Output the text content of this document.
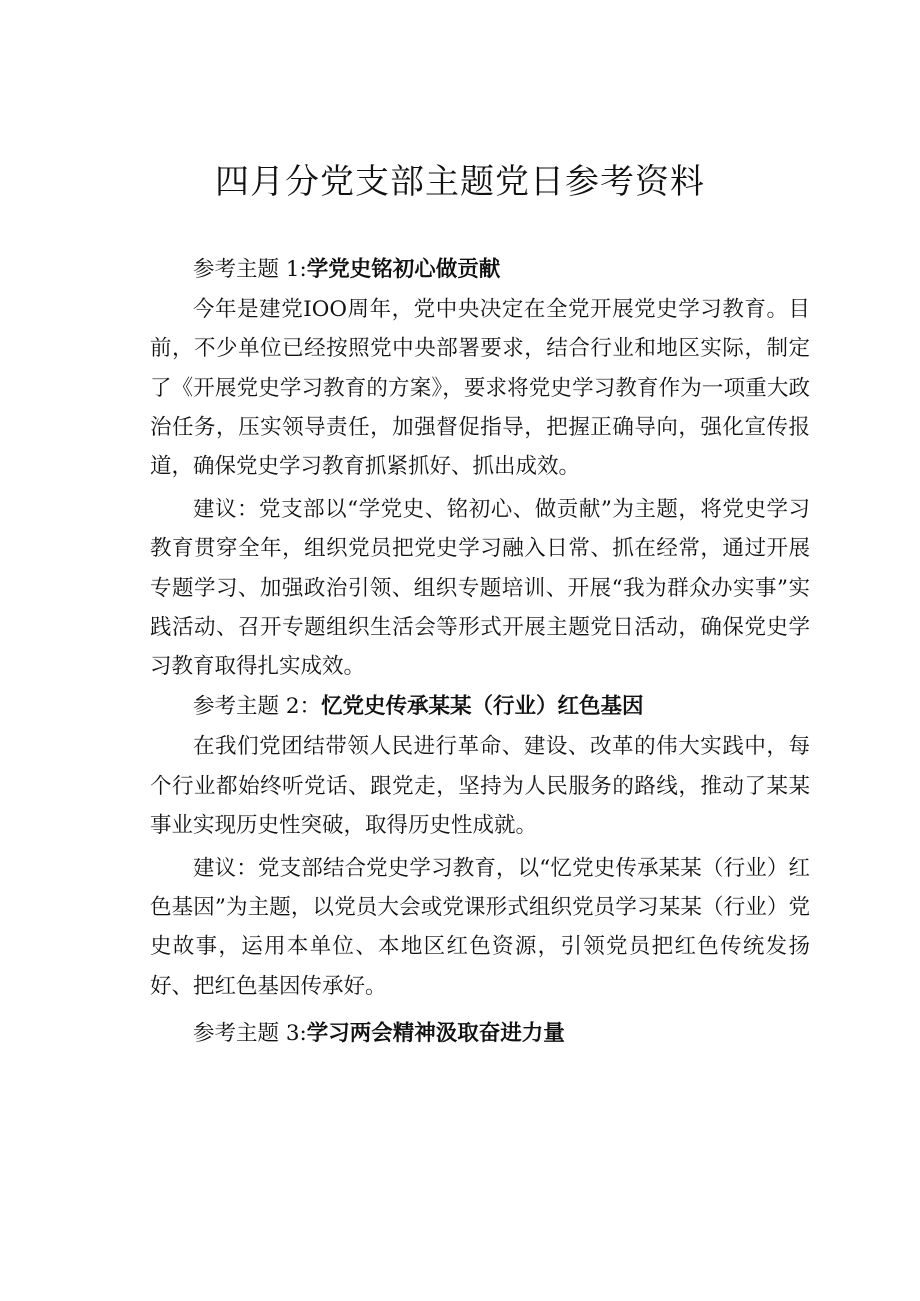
四月分党支部主题党日参考资料

参考主题 1:学党史铭初心做贡献

今年是建党IOO周年，党中央决定在全党开展党史学习教育。目前，不少单位已经按照党中央部署要求，结合行业和地区实际，制定了《开展党史学习教育的方案》，要求将党史学习教育作为一项重大政治任务，压实领导责任，加强督促指导，把握正确导向，强化宣传报道，确保党史学习教育抓紧抓好、抓出成效。

建议：党支部以“学党史、铭初心、做贡献”为主题，将党史学习教育贯穿全年，组织党员把党史学习融入日常、抓在经常，通过开展专题学习、加强政治引领、组织专题培训、开展“我为群众办实事”实践活动、召开专题组织生活会等形式开展主题党日活动，确保党史学习教育取得扎实成效。

参考主题 2：忆党史传承某某（行业）红色基因

在我们党团结带领人民进行革命、建设、改革的伟大实践中，每个行业都始终听党话、跟党走，坚持为人民服务的路线，推动了某某事业实现历史性突破，取得历史性成就。

建议：党支部结合党史学习教育，以“忆党史传承某某（行业）红色基因”为主题，以党员大会或党课形式组织党员学习某某（行业）党史故事，运用本单位、本地区红色资源，引领党员把红色传统发扬好、把红色基因传承好。

参考主题 3:学习两会精神汲取奋进力量
